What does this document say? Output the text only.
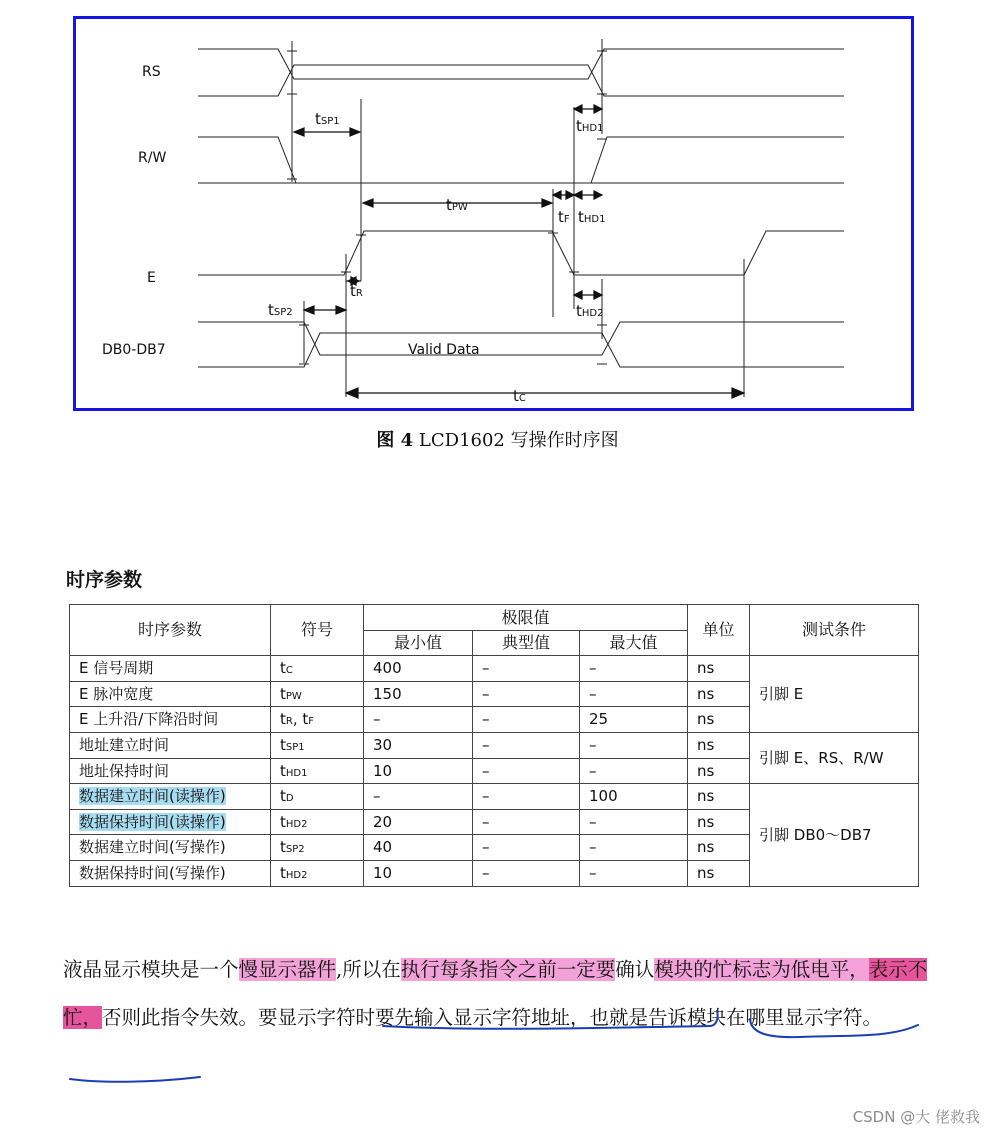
RS
R/W
E
DB0-DB7	Valid Data
tSP1	tHD1
tPW
tF tHD1
tR
tSP2	tHD2
tC
图 4 LCD1602 写操作时序图
时序参数
时序参数	符号	极限值			单位	测试条件
		最小值	典型值	最大值		
E 信号周期	tC	400	–	–	ns	引脚 E
E 脉冲宽度	tPW	150	–	–	ns	
E 上升沿/下降沿时间	tR, tF	–	–	25	ns	
地址建立时间	tSP1	30	–	–	ns	引脚 E、RS、R/W
地址保持时间	tHD1	10	–	–	ns	
数据建立时间(读操作)	tD	–	–	100	ns	引脚 DB0～DB7
数据保持时间(读操作)	tHD2	20	–	–	ns	
数据建立时间(写操作)	tSP2	40	–	–	ns	
数据保持时间(写操作)	tHD2	10	–	–	ns	
液晶显示模块是一个慢显示器件,所以在执行每条指令之前一定要确认模块的忙标志为低电平，表示不忙，否则此指令失效。要显示字符时要先输入显示字符地址，也就是告诉模块在哪里显示字符。
CSDN @大 佬救我
